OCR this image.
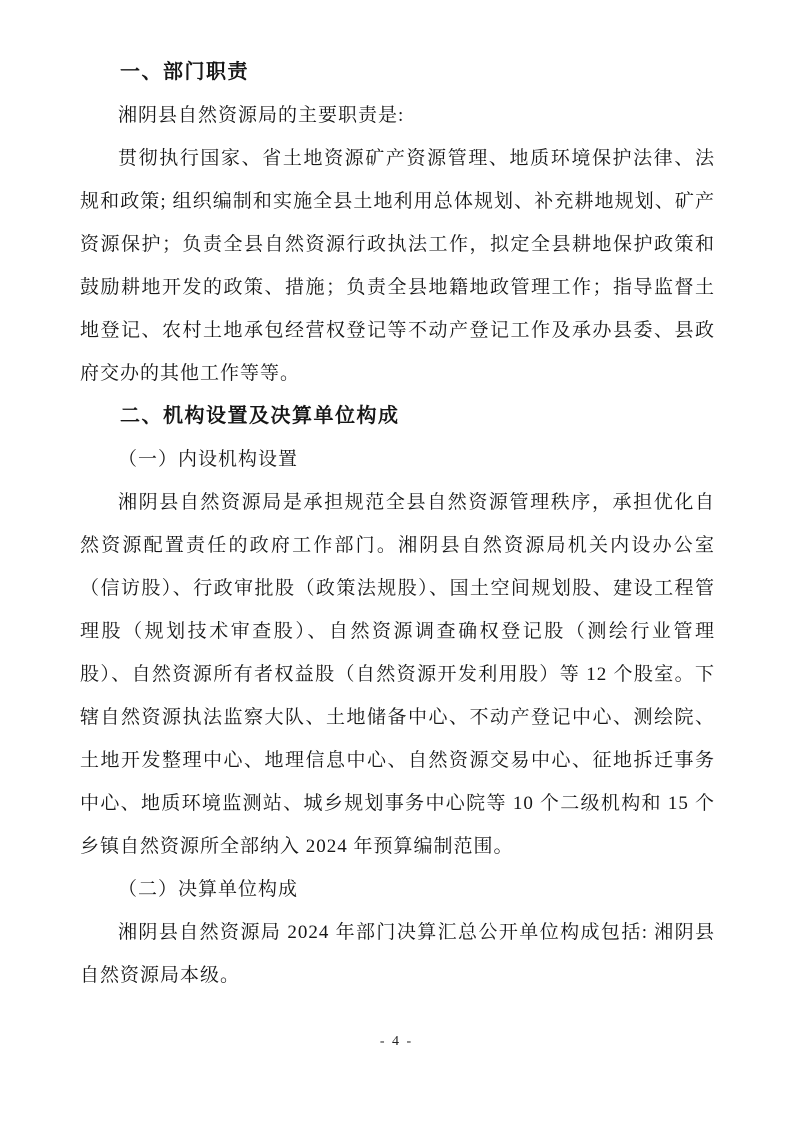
一、部门职责

湘阴县自然资源局的主要职责是:

贯彻执行国家、省土地资源矿产资源管理、地质环境保护法律、法规和政策; 组织编制和实施全县土地利用总体规划、补充耕地规划、矿产资源保护；负责全县自然资源行政执法工作，拟定全县耕地保护政策和鼓励耕地开发的政策、措施；负责全县地籍地政管理工作；指导监督土地登记、农村土地承包经营权登记等不动产登记工作及承办县委、县政府交办的其他工作等等。

二、机构设置及决算单位构成

（一）内设机构设置

湘阴县自然资源局是承担规范全县自然资源管理秩序，承担优化自然资源配置责任的政府工作部门。湘阴县自然资源局机关内设办公室（信访股）、行政审批股（政策法规股）、国土空间规划股、建设工程管理股（规划技术审查股）、自然资源调查确权登记股（测绘行业管理股）、自然资源所有者权益股（自然资源开发利用股）等 12 个股室。下辖自然资源执法监察大队、土地储备中心、不动产登记中心、测绘院、土地开发整理中心、地理信息中心、自然资源交易中心、征地拆迁事务中心、地质环境监测站、城乡规划事务中心院等 10 个二级机构和 15 个乡镇自然资源所全部纳入 2024 年预算编制范围。

（二）决算单位构成

湘阴县自然资源局 2024 年部门决算汇总公开单位构成包括: 湘阴县自然资源局本级。

- 4 -
